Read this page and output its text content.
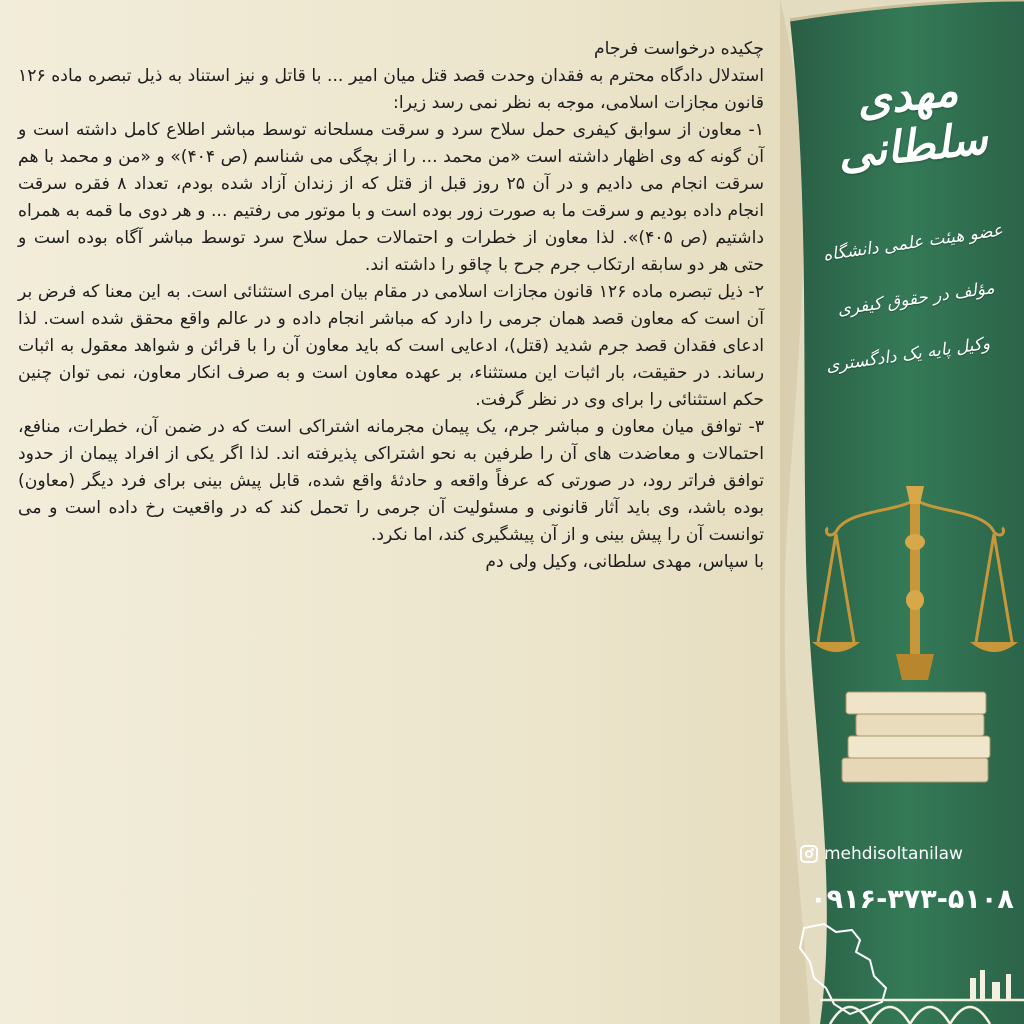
چکیده درخواست فرجام

استدلال دادگاه محترم به فقدان وحدت قصد قتل میان امیر ... با قاتل و نیز استناد به ذیل تبصره ماده ۱۲۶ قانون مجازات اسلامی، موجه به نظر نمی رسد زیرا:

۱- معاون از سوابق کیفری حمل سلاح سرد و سرقت مسلحانه توسط مباشر اطلاع کامل داشته است و آن گونه که وی اظهار داشته است «من محمد ... را از بچگی می شناسم (ص ۴۰۴)» و «من و محمد با هم سرقت انجام می دادیم و در آن ۲۵ روز قبل از قتل که از زندان آزاد شده بودم، تعداد ۸ فقره سرقت انجام داده بودیم و سرقت ما به صورت زور بوده است و با موتور می رفتیم ... و هر دوی ما قمه به همراه داشتیم (ص ۴۰۵)». لذا معاون از خطرات و احتمالات حمل سلاح سرد توسط مباشر آگاه بوده است و حتی هر دو سابقه ارتکاب جرم جرح با چاقو را داشته اند.

۲- ذیل تبصره ماده ۱۲۶ قانون مجازات اسلامی در مقام بیان امری استثنائی است. به این معنا که فرض بر آن است که معاون قصد همان جرمی را دارد که مباشر انجام داده و در عالم واقع محقق شده است. لذا ادعای فقدان قصد جرم شدید (قتل)، ادعایی است که باید معاون آن را با قرائن و شواهد معقول به اثبات رساند. در حقیقت، بار اثبات این مستثناء، بر عهده معاون است و به صرف انکار معاون، نمی توان چنین حکم استثنائی را برای وی در نظر گرفت.

۳- توافق میان معاون و مباشر جرم، یک پیمان مجرمانه اشتراکی است که در ضمن آن، خطرات، منافع، احتمالات و معاضدت های آن را طرفین به نحو اشتراکی پذیرفته اند. لذا اگر یکی از افراد پیمان از حدود توافق فراتر رود، در صورتی که عرفاً واقعه و حادثهٔ واقع شده، قابل پیش بینی برای فرد دیگر (معاون) بوده باشد، وی باید آثار قانونی و مسئولیت آن جرمی را تحمل کند که در واقعیت رخ داده است و می توانست آن را پیش بینی و از آن پیشگیری کند، اما نکرد.

با سپاس، مهدی سلطانی، وکیل ولی دم

مهدی سلطانی
عضو هیئت علمی دانشگاه
مؤلف در حقوق کیفری
وکیل پایه یک دادگستری
mehdisoltanilaw
۰۹۱۶-۳۷۳-۵۱۰۸
